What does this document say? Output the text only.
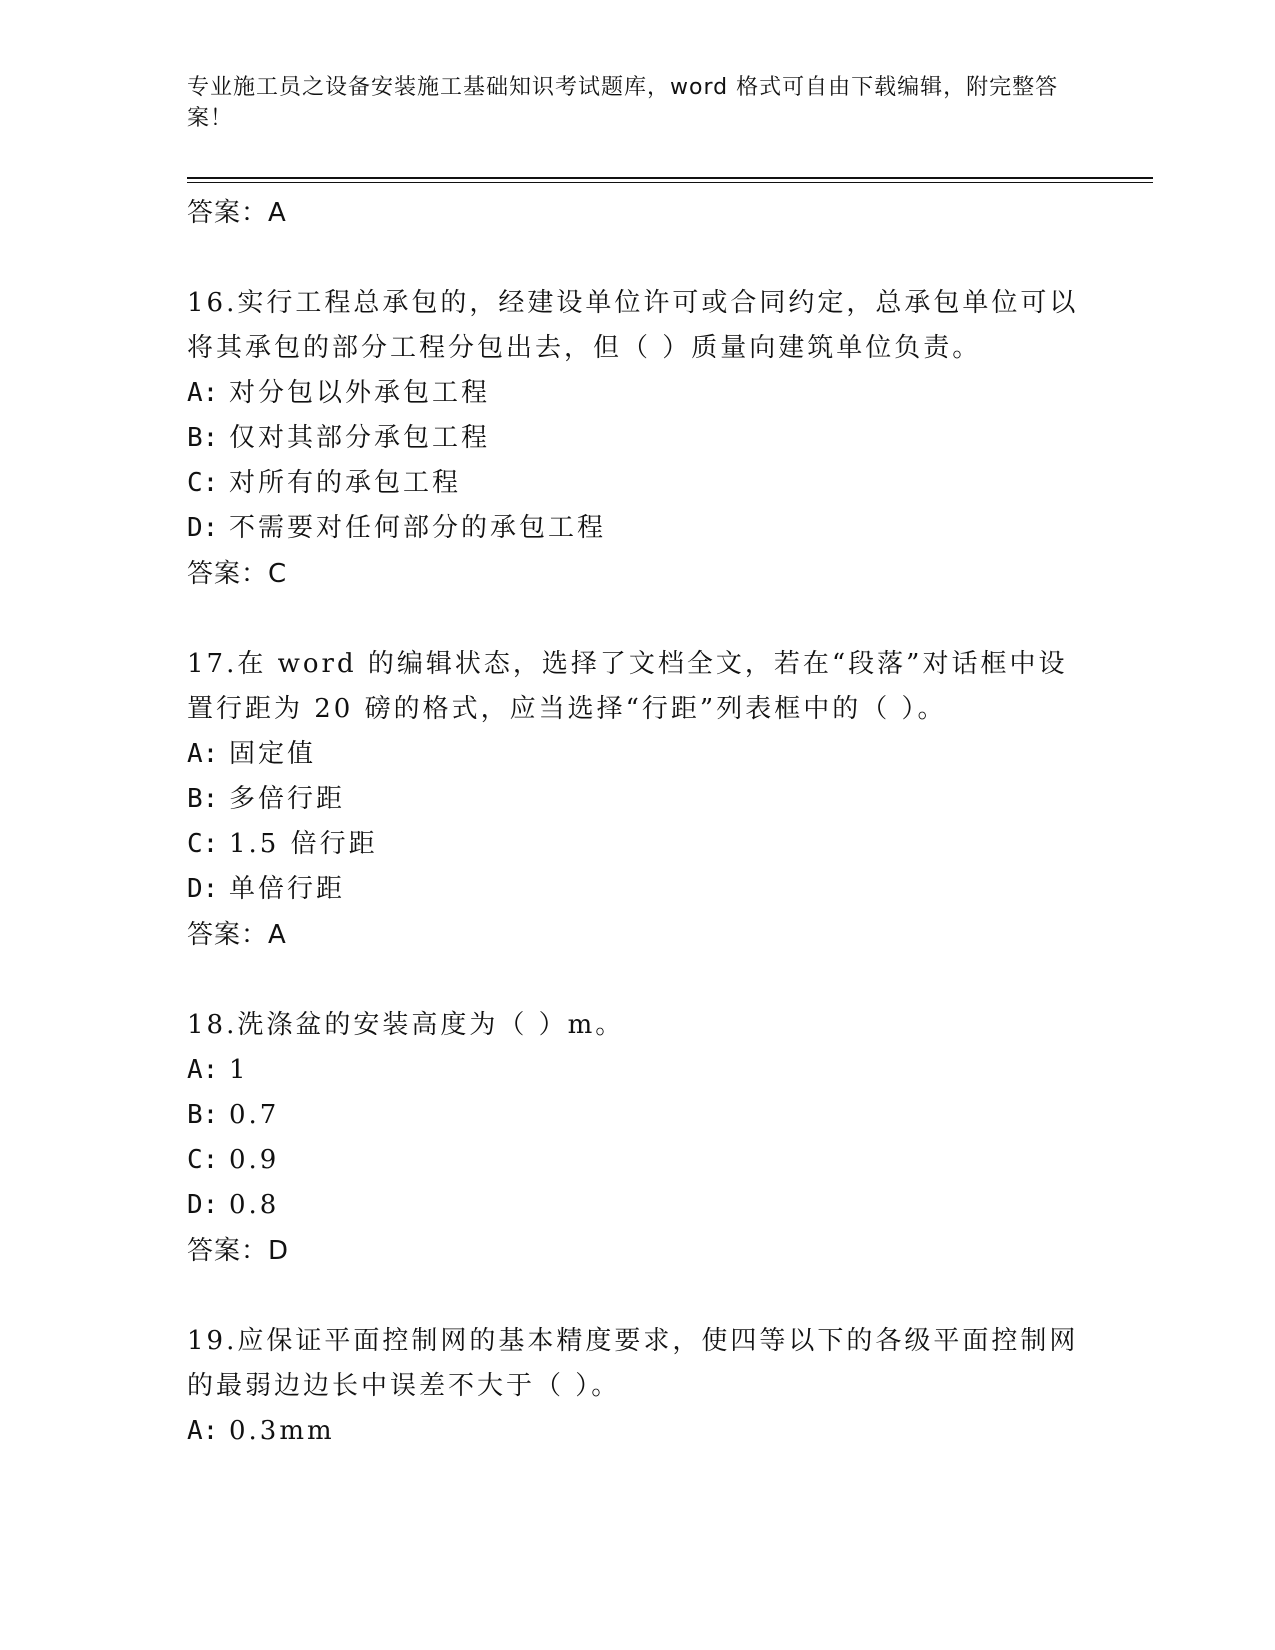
专业施工员之设备安装施工基础知识考试题库，word 格式可自由下载编辑，附完整答案！
答案：A
16.实行工程总承包的，经建设单位许可或合同约定，总承包单位可以将其承包的部分工程分包出去，但（ ）质量向建筑单位负责。
A: 对分包以外承包工程
B: 仅对其部分承包工程
C: 对所有的承包工程
D: 不需要对任何部分的承包工程
答案：C
17.在 word 的编辑状态，选择了文档全文，若在“段落”对话框中设置行距为 20 磅的格式，应当选择“行距”列表框中的（ ）。
A: 固定值
B: 多倍行距
C: 1.5 倍行距
D: 单倍行距
答案：A
18.洗涤盆的安装高度为（ ）m。
A: 1
B: 0.7
C: 0.9
D: 0.8
答案：D
19.应保证平面控制网的基本精度要求，使四等以下的各级平面控制网的最弱边边长中误差不大于（ ）。
A: 0.3mm
